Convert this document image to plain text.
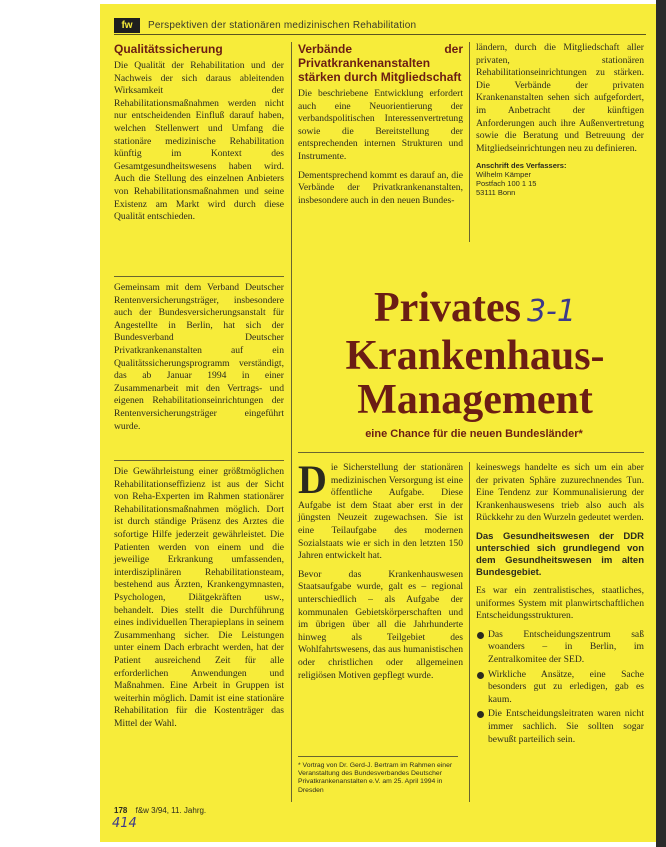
fw	Perspektiven der stationären medizinischen Rehabilitation
Qualitätssicherung

Die Qualität der Rehabilitation und der Nachweis der sich daraus ableitenden Wirksamkeit der Rehabilitationsmaßnahmen werden nicht nur entscheidenden Einfluß darauf haben, welchen Stellenwert und Umfang die stationäre medizinische Rehabilitation künftig im Kontext des Gesamtgesundheitswesens haben wird. Auch die Stellung des einzelnen Anbieters von Rehabilitationsmaßnahmen und seine Existenz am Markt wird durch diese Qualität entschieden.

Gemeinsam mit dem Verband Deutscher Rentenversicherungsträger, insbesondere auch der Bundesversicherungsanstalt für Angestellte in Berlin, hat sich der Bundesverband Deutscher Privatkrankenanstalten auf ein Qualitätssicherungsprogramm verständigt, das ab Januar 1994 in einer Zusammenarbeit mit den Vertrags- und eigenen Rehabilitationseinrichtungen der Rentenversicherungsträger eingeführt wurde.

Die Gewährleistung einer größtmöglichen Rehabilitationseffizienz ist aus der Sicht von Reha-Experten im Rahmen stationärer Rehabilitationsmaßnahmen möglich. Dort ist durch ständige Präsenz des Arztes die sofortige Hilfe jederzeit gewährleistet. Die Patienten werden von einem und die jeweilige Erkrankung umfassenden, interdisziplinären Rehabilitationsteam, bestehend aus Ärzten, Krankengymnasten, Psychologen, Diätgekräften usw., behandelt. Dies stellt die Durchführung eines individuellen Therapieplans in seinem Zusammenhang sicher. Die Leistungen unter einem Dach erbracht werden, hat der Patient ausreichend Zeit für alle erforderlichen Anwendungen und Maßnahmen. Eine Arbeit in Gruppen ist weiterhin möglich. Damit ist eine stationäre Rehabilitation für die Kostenträger das Mittel der Wahl.

Verbände der Privatkrankenanstalten stärken durch Mitgliedschaft

Die beschriebene Entwicklung erfordert auch eine Neuorientierung der verbandspolitischen Interessenvertretung sowie die Bereitstellung der entsprechenden internen Strukturen und Instrumente.

Dementsprechend kommt es darauf an, die Verbände der Privatkrankenanstalten, insbesondere auch in den neuen Bundes-

ländern, durch die Mitgliedschaft aller privaten, stationären Rehabilitationseinrichtungen zu stärken. Die Verbände der privaten Krankenanstalten sehen sich aufgefordert, im Anbetracht der künftigen Anforderungen auch ihre Außenvertretung sowie die Beratung und Betreuung der Mitgliedseinrichtungen neu zu definieren.

Anschrift des Verfassers:
Wilhelm Kämper
Postfach 100 1 15
53111 Bonn
Privates 3-1
Krankenhaus-
Management
eine Chance für die neuen Bundesländer*

Die Sicherstellung der stationären medizinischen Versorgung ist eine öffentliche Aufgabe. Diese Aufgabe ist dem Staat aber erst in der jüngsten Neuzeit zugewachsen. Sie ist eine Teilaufgabe des modernen Sozialstaats wie er sich in den letzten 150 Jahren entwickelt hat.

Bevor das Krankenhauswesen Staatsaufgabe wurde, galt es – regional unterschiedlich – als Aufgabe der kommunalen Gebietskörperschaften und im übrigen über all die Jahrhunderte hinweg als Teilgebiet des Wohlfahrtswesens, das aus humanistischen oder christlichen oder allgemeinen religiösen Motiven gepflegt wurde.

* Vortrag von Dr. Gerd-J. Bertram im Rahmen einer Veranstaltung des Bundesverbandes Deutscher Privatkrankenanstalten e.V. am 25. April 1994 in Dresden

keineswegs handelte es sich um ein aber der privaten Sphäre zuzurechnendes Tun. Eine Tendenz zur Kommunalisierung der Krankenhauswesens trieb also auch als Rückkehr zu den Wurzeln gedeutet werden.

Das Gesundheitswesen der DDR unterschied sich grundlegend von dem Gesundheitswesen im alten Bundesgebiet.

Es war ein zentralistisches, staatliches, uniformes System mit planwirtschaftlichen Entscheidungsstrukturen.

Das Entscheidungszentrum saß woanders – in Berlin, im Zentralkomitee der SED.
Wirkliche Ansätze, eine Sache besonders gut zu erledigen, gab es kaum.
Die Entscheidungsleitraten waren nicht immer sachlich. Sie sollten sogar bewußt parteilich sein.
178 f&w 3/94, 11. Jahrg.
414
